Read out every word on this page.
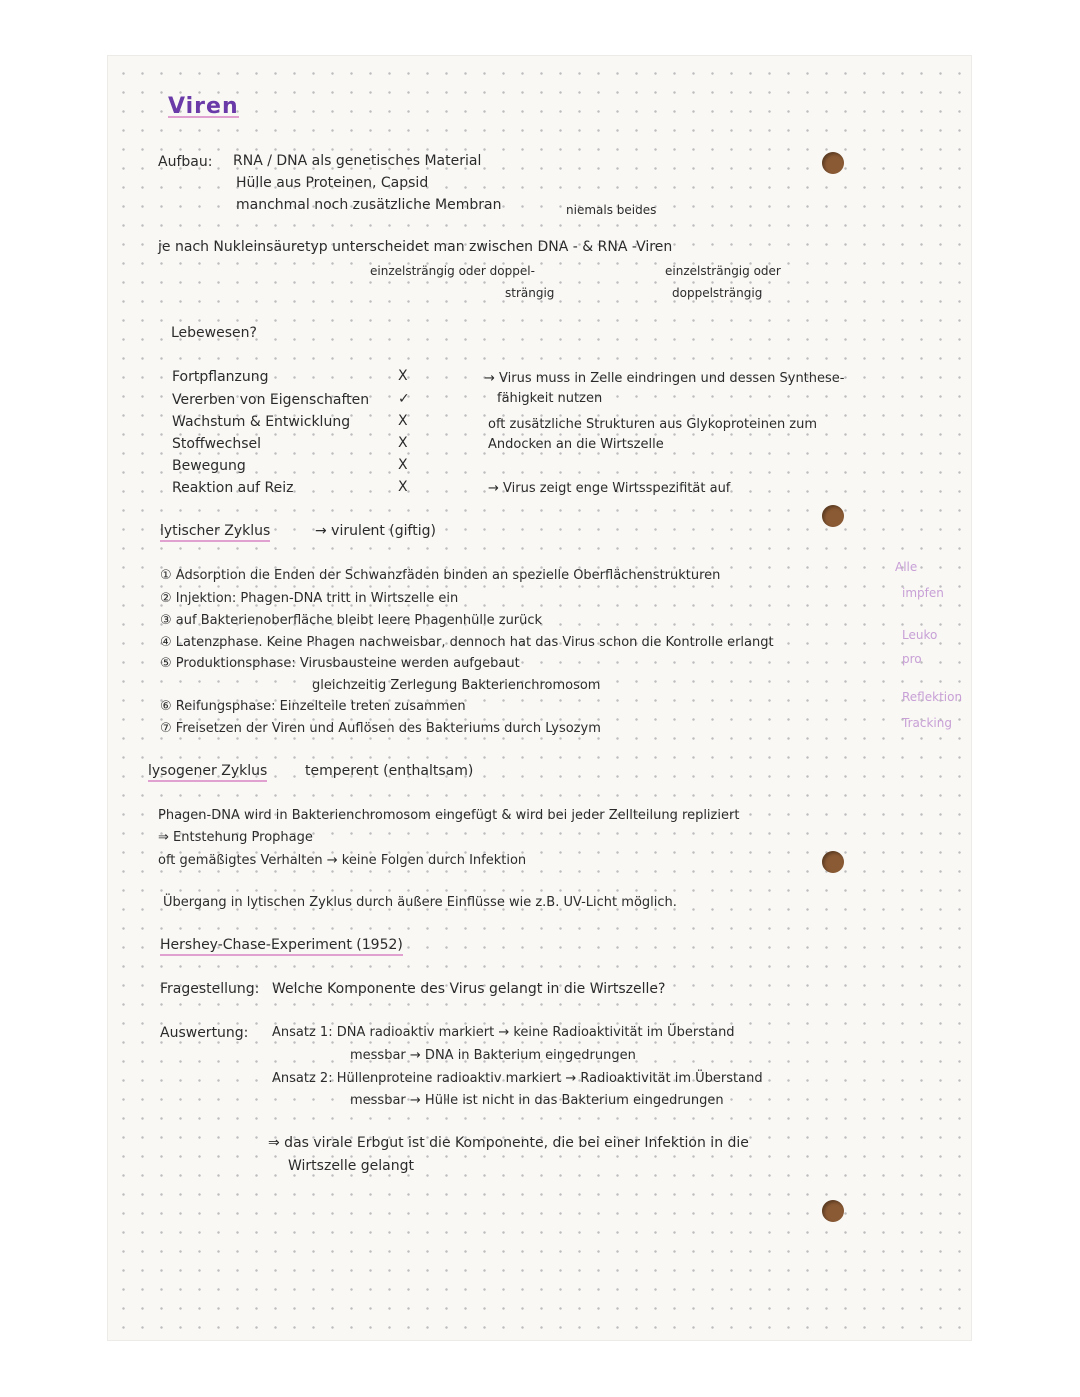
Viren
Aufbau: RNA / DNA als genetisches Material
Hülle aus Proteinen, Capsid
manchmal noch zusätzliche Membran	niemals beides
je nach Nukleinsäuretyp unterscheidet man zwischen DNA - & RNA -Viren
einzelsträngig oder doppel-
strängig
einzelsträngig oder
doppelsträngig
Lebewesen?
Fortpflanzung	X
Vererben von Eigenschaften ✓
Wachstum & Entwicklung	X
Stoffwechsel	X
Bewegung	X
Reaktion auf Reiz	X
→ Virus muss in Zelle eindringen und dessen Synthese-
fähigkeit nutzen
oft zusätzliche Strukturen aus Glykoproteinen zum
Andocken an die Wirtszelle
→ Virus zeigt enge Wirtsspezifität auf
lytischer Zyklus	→ virulent (giftig)
① Adsorption die Enden der Schwanzfäden binden an spezielle Oberflächenstrukturen
② Injektion: Phagen-DNA tritt in Wirtszelle ein
③ auf Bakterienoberfläche bleibt leere Phagenhülle zurück
④ Latenzphase. Keine Phagen nachweisbar, dennoch hat das Virus schon die Kontrolle erlangt
⑤ Produktionsphase: Virusbausteine werden aufgebaut
gleichzeitig Zerlegung Bakterienchromosom
⑥ Reifungsphase: Einzelteile treten zusammen
⑦ Freisetzen der Viren und Auflösen des Bakteriums durch Lysozym
Alle
impfen
Leuko
pro
Reflektion
Tracking
lysogener Zyklus	temperent (enthaltsam)
Phagen-DNA wird in Bakterienchromosom eingefügt & wird bei jeder Zellteilung repliziert
⇒ Entstehung Prophage
oft gemäßigtes Verhalten → keine Folgen durch Infektion
Übergang in lytischen Zyklus durch äußere Einflüsse wie z.B. UV-Licht möglich.
Hershey-Chase-Experiment (1952)
Fragestellung: Welche Komponente des Virus gelangt in die Wirtszelle?
Auswertung: Ansatz 1: DNA radioaktiv markiert → keine Radioaktivität im Überstand
messbar → DNA in Bakterium eingedrungen
Ansatz 2: Hüllenproteine radioaktiv markiert → Radioaktivität im Überstand
messbar → Hülle ist nicht in das Bakterium eingedrungen
⇒ das virale Erbgut ist die Komponente, die bei einer Infektion in die
Wirtszelle gelangt
